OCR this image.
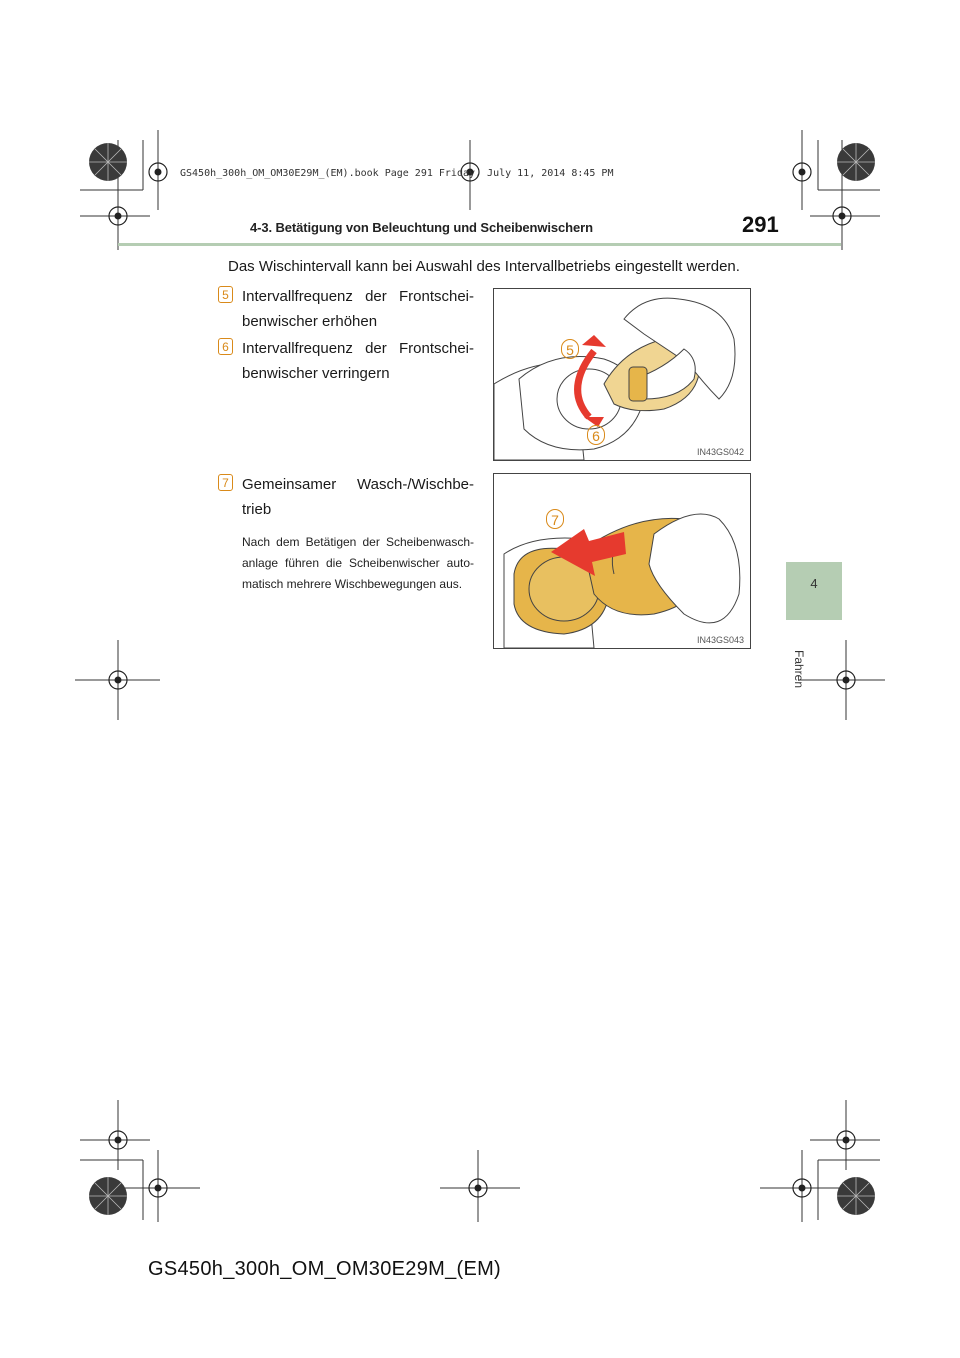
GS450h_300h_OM_OM30E29M_(EM).book Page 291 Friday, July 11, 2014 8:45 PM
4-3. Betätigung von Beleuchtung und Scheibenwischern	291
4
Fahren
Das Wischintervall kann bei Auswahl des Intervallbetriebs eingestellt werden.
5 Intervallfrequenz der Frontschei-benwischer erhöhen
6 Intervallfrequenz der Frontschei-benwischer verringern
7 Gemeinsamer Wasch-/Wischbe-trieb
Nach dem Betätigen der Scheibenwasch-anlage führen die Scheibenwischer auto-matisch mehrere Wischbewegungen aus.
5
6
IN43GS042
7
IN43GS043
GS450h_300h_OM_OM30E29M_(EM)
